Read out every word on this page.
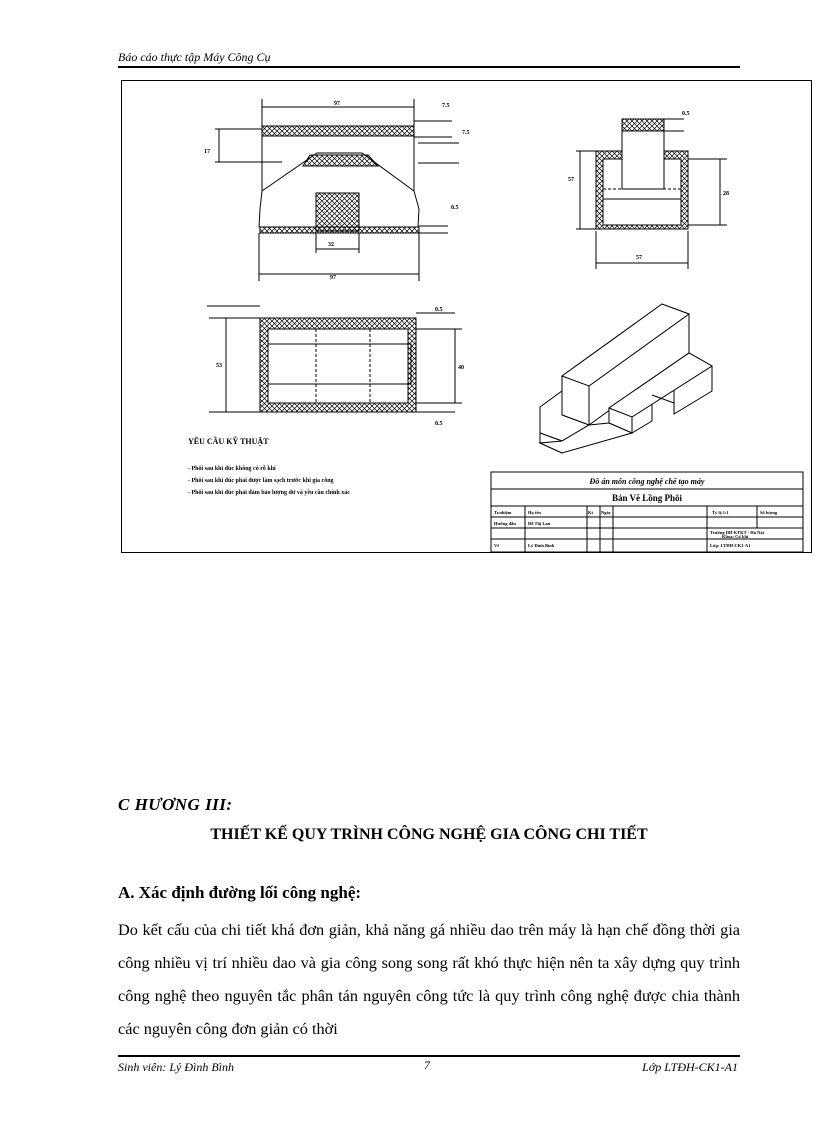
Báo cáo thực tập Máy Công Cụ
YÊU CẦU KỸ THUẬT
- Phôi sau khi đúc không có rỗ khí
- Phôi sau khi đúc phải được làm sạch trước khi gia công
- Phôi sau khi đúc phải đảm bảo lượng dư và yêu cầu chính xác
97	7.5
7.5
17
0.5
32
97
57
0.5
28
57
0.5
0.5
53	40
Đồ án môn công nghệ chế tạo máy
Bản Vẽ Lồng Phôi
Tr.nhiệm	Họ tên	Kt Ngày	Tỷ lệ 1:1	Số lượng
Hướng dẫn	Đỗ Thị Lan
Vẽ	Lý Đình Bình
Trường ĐH KTKT - Hà Nội
Khoa: Cơ khí
Lớp: LTĐH-CK1-A1
C HƯƠNG III:
THIẾT KẾ QUY TRÌNH CÔNG NGHỆ GIA CÔNG CHI TIẾT
A. Xác định đường lối công nghệ:
Do kết cấu của chi tiết khá đơn giản, khả năng gá nhiều dao trên máy là hạn chế đồng thời gia công nhiều vị trí nhiều dao và gia công song song rất khó thực hiện nên ta xây dựng quy trình công nghệ theo nguyên tắc phân tán nguyên công tức là quy trình công nghệ được chia thành các nguyên công đơn giản có thời
Sinh viên: Lý Đình Bình	7	Lớp LTĐH-CK1-A1
